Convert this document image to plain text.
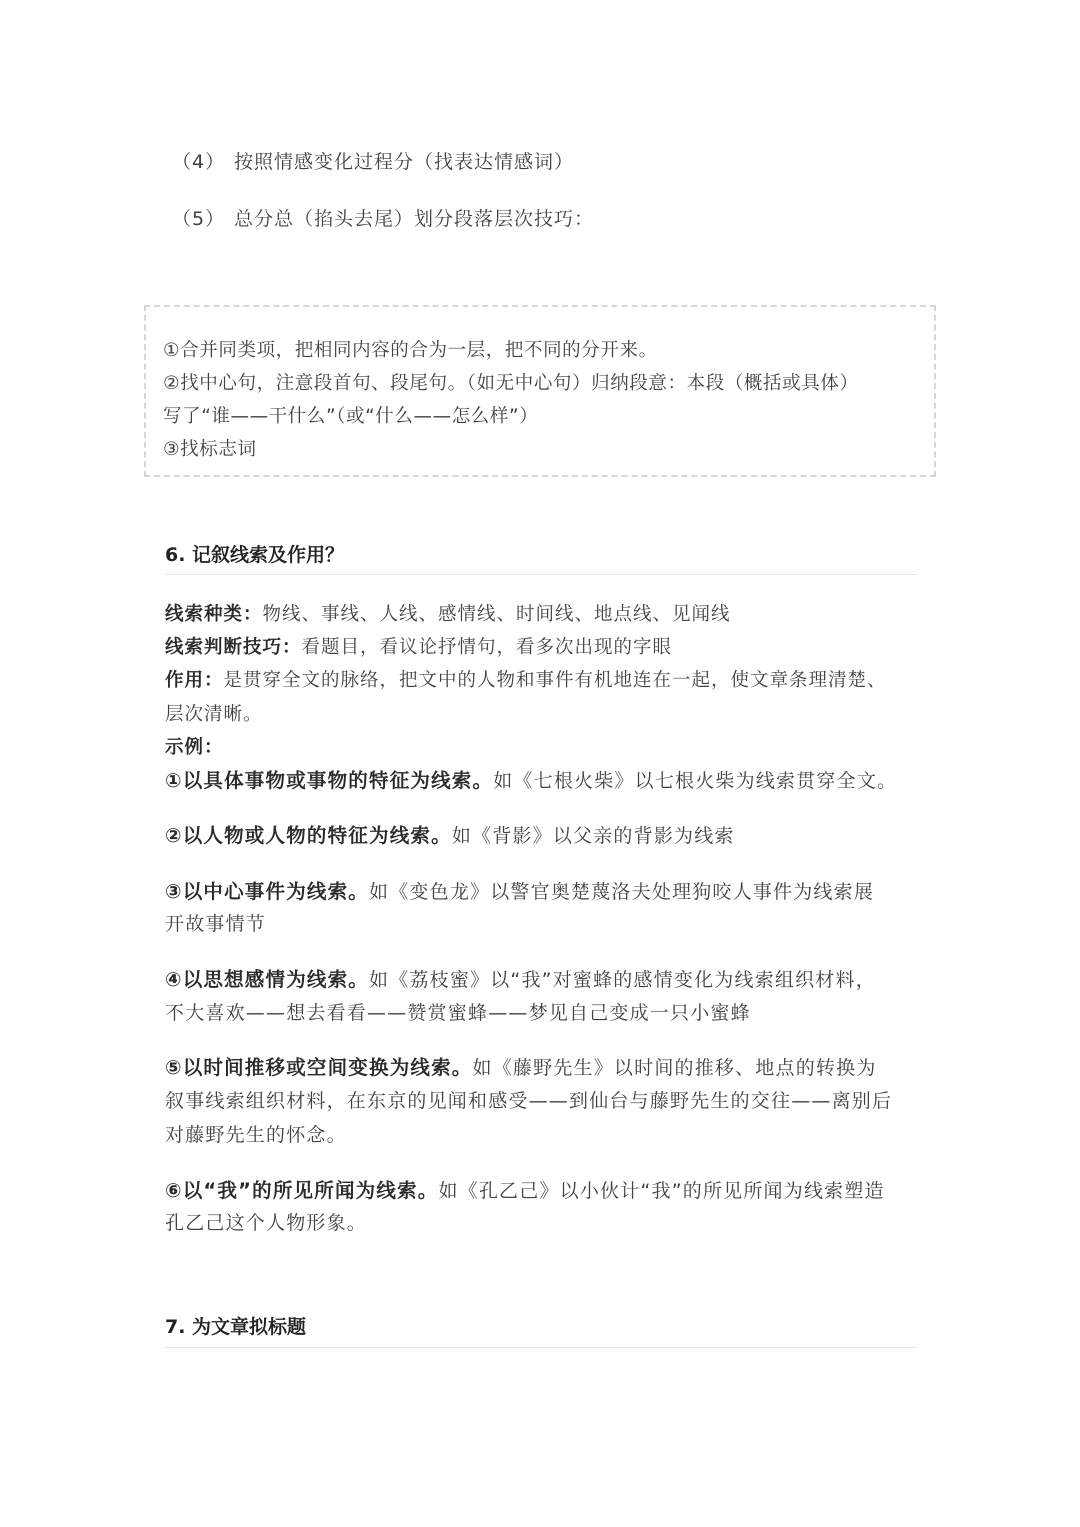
（4） 按照情感变化过程分（找表达情感词）
（5） 总分总（掐头去尾）划分段落层次技巧：
①合并同类项，把相同内容的合为一层，把不同的分开来。
②找中心句，注意段首句、段尾句。（如无中心句）归纳段意：本段（概括或具体）
写了“谁——干什么”（或“什么——怎么样”）
③找标志词
6. 记叙线索及作用？
线索种类：物线、事线、人线、感情线、时间线、地点线、见闻线
线索判断技巧：看题目，看议论抒情句，看多次出现的字眼
作用：是贯穿全文的脉络，把文中的人物和事件有机地连在一起，使文章条理清楚、
层次清晰。
示例：
①以具体事物或事物的特征为线索。如《七根火柴》以七根火柴为线索贯穿全文。
②以人物或人物的特征为线索。如《背影》以父亲的背影为线索
③以中心事件为线索。如《变色龙》以警官奥楚蔑洛夫处理狗咬人事件为线索展
开故事情节
④以思想感情为线索。如《荔枝蜜》以“我”对蜜蜂的感情变化为线索组织材料，
不大喜欢——想去看看——赞赏蜜蜂——梦见自己变成一只小蜜蜂
⑤以时间推移或空间变换为线索。如《藤野先生》以时间的推移、地点的转换为
叙事线索组织材料，在东京的见闻和感受——到仙台与藤野先生的交往——离别后
对藤野先生的怀念。
⑥以“我”的所见所闻为线索。如《孔乙己》以小伙计“我”的所见所闻为线索塑造
孔乙己这个人物形象。
7. 为文章拟标题
